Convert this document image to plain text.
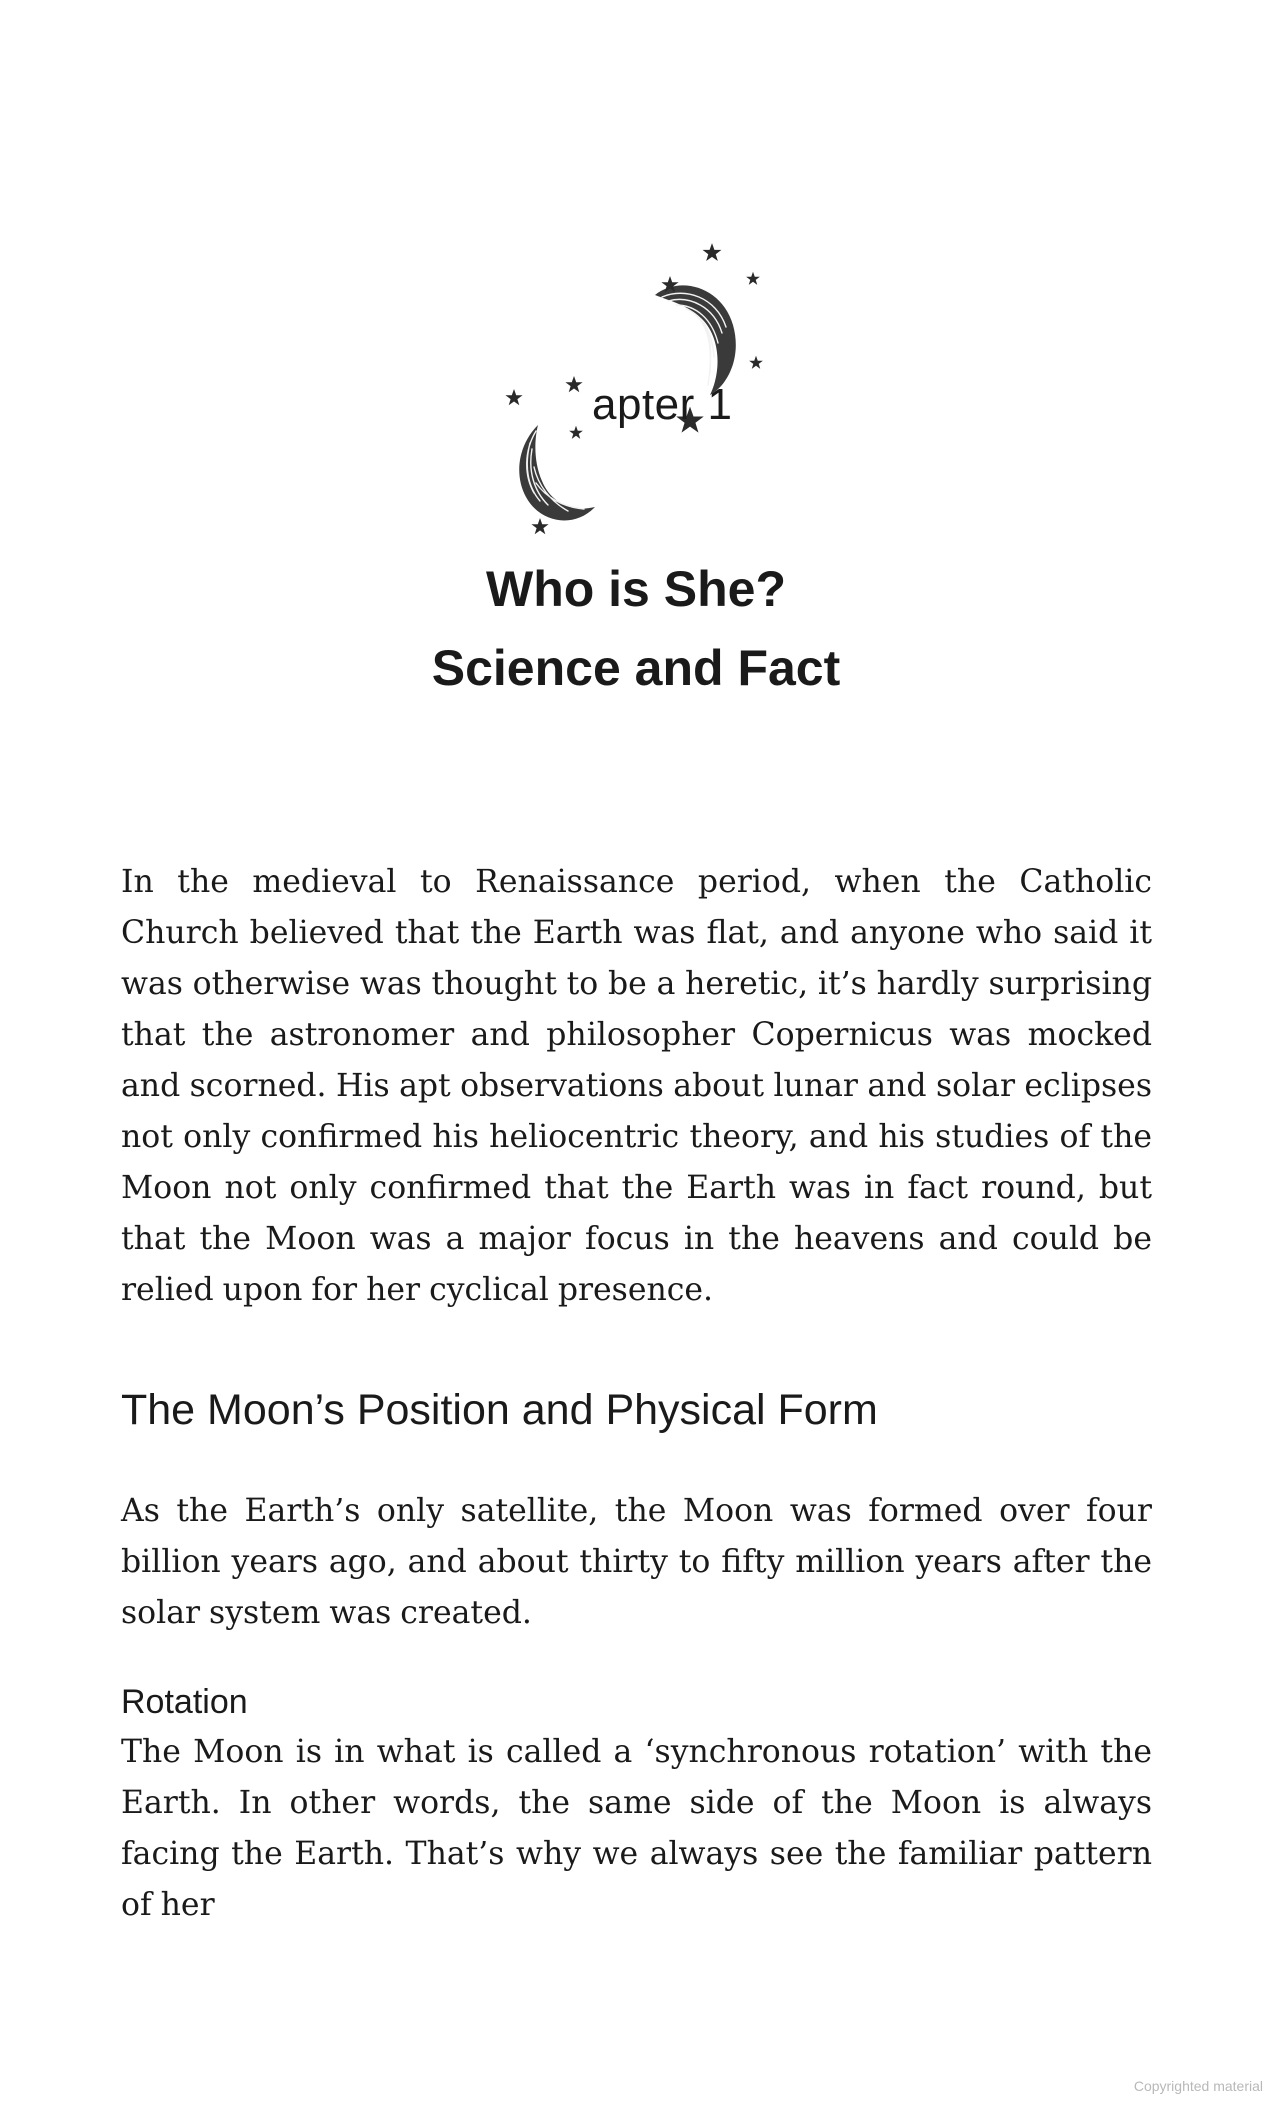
apter 1
Who is She?
Science and Fact

In the medieval to Renaissance period, when the Catholic Church believed that the Earth was flat, and anyone who said it was otherwise was thought to be a heretic, it’s hardly surprising that the astronomer and philosopher Copernicus was mocked and scorned. His apt observations about lunar and solar eclipses not only confirmed his heliocentric theory, and his studies of the Moon not only confirmed that the Earth was in fact round, but that the Moon was a major focus in the heavens and could be relied upon for her cyclical presence.

The Moon’s Position and Physical Form

As the Earth’s only satellite, the Moon was formed over four billion years ago, and about thirty to fifty million years after the solar system was created.

Rotation

The Moon is in what is called a ‘synchronous rotation’ with the Earth. In other words, the same side of the Moon is always facing the Earth. That’s why we always see the familiar pattern of her

Copyrighted material
